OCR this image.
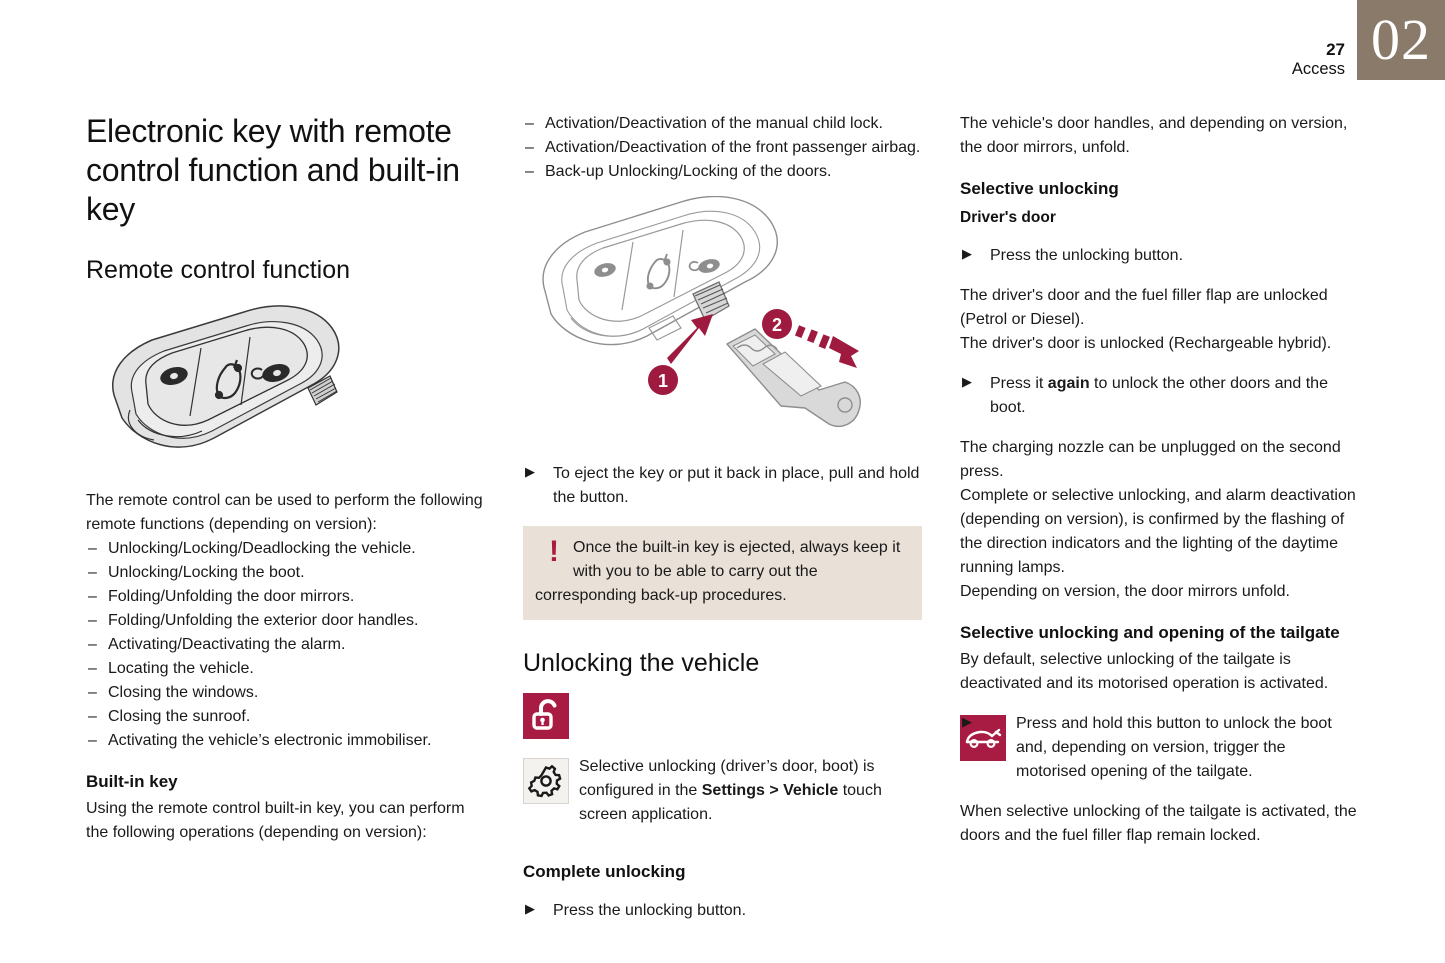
27
Access 02
Electronic key with remote control function and built-in key
Remote control function

The remote control can be used to perform the following remote functions (depending on version):

– Unlocking/Locking/Deadlocking the vehicle.
– Unlocking/Locking the boot.
– Folding/Unfolding the door mirrors.
– Folding/Unfolding the exterior door handles.
– Activating/Deactivating the alarm.
– Locating the vehicle.
– Closing the windows.
– Closing the sunroof.
– Activating the vehicle’s electronic immobiliser.
Built-in key

Using the remote control built-in key, you can perform the following operations (depending on version):

– Activation/Deactivation of the manual child lock.
– Activation/Deactivation of the front passenger airbag.
– Back-up Unlocking/Locking of the doors.
1
2

▶ To eject the key or put it back in place, pull and hold the button.

! Once the built-in key is ejected, always keep it with you to be able to carry out the corresponding back-up procedures.
Unlocking the vehicle

Selective unlocking (driver’s door, boot) is configured in the Settings > Vehicle touch screen application.

Complete unlocking

▶ Press the unlocking button.

The vehicle's door handles, and depending on version, the door mirrors, unfold.

Selective unlocking
Driver's door

▶ Press the unlocking button.

The driver's door and the fuel filler flap are unlocked (Petrol or Diesel).

The driver's door is unlocked (Rechargeable hybrid).

▶ Press it again to unlock the other doors and the boot.

The charging nozzle can be unplugged on the second press.

Complete or selective unlocking, and alarm deactivation (depending on version), is confirmed by the flashing of the direction indicators and the lighting of the daytime running lamps.

Depending on version, the door mirrors unfold.

Selective unlocking and opening of the tailgate

By default, selective unlocking of the tailgate is deactivated and its motorised operation is activated.

▶ Press and hold this button to unlock the boot and, depending on version, trigger the motorised opening of the tailgate.

When selective unlocking of the tailgate is activated, the doors and the fuel filler flap remain locked.
